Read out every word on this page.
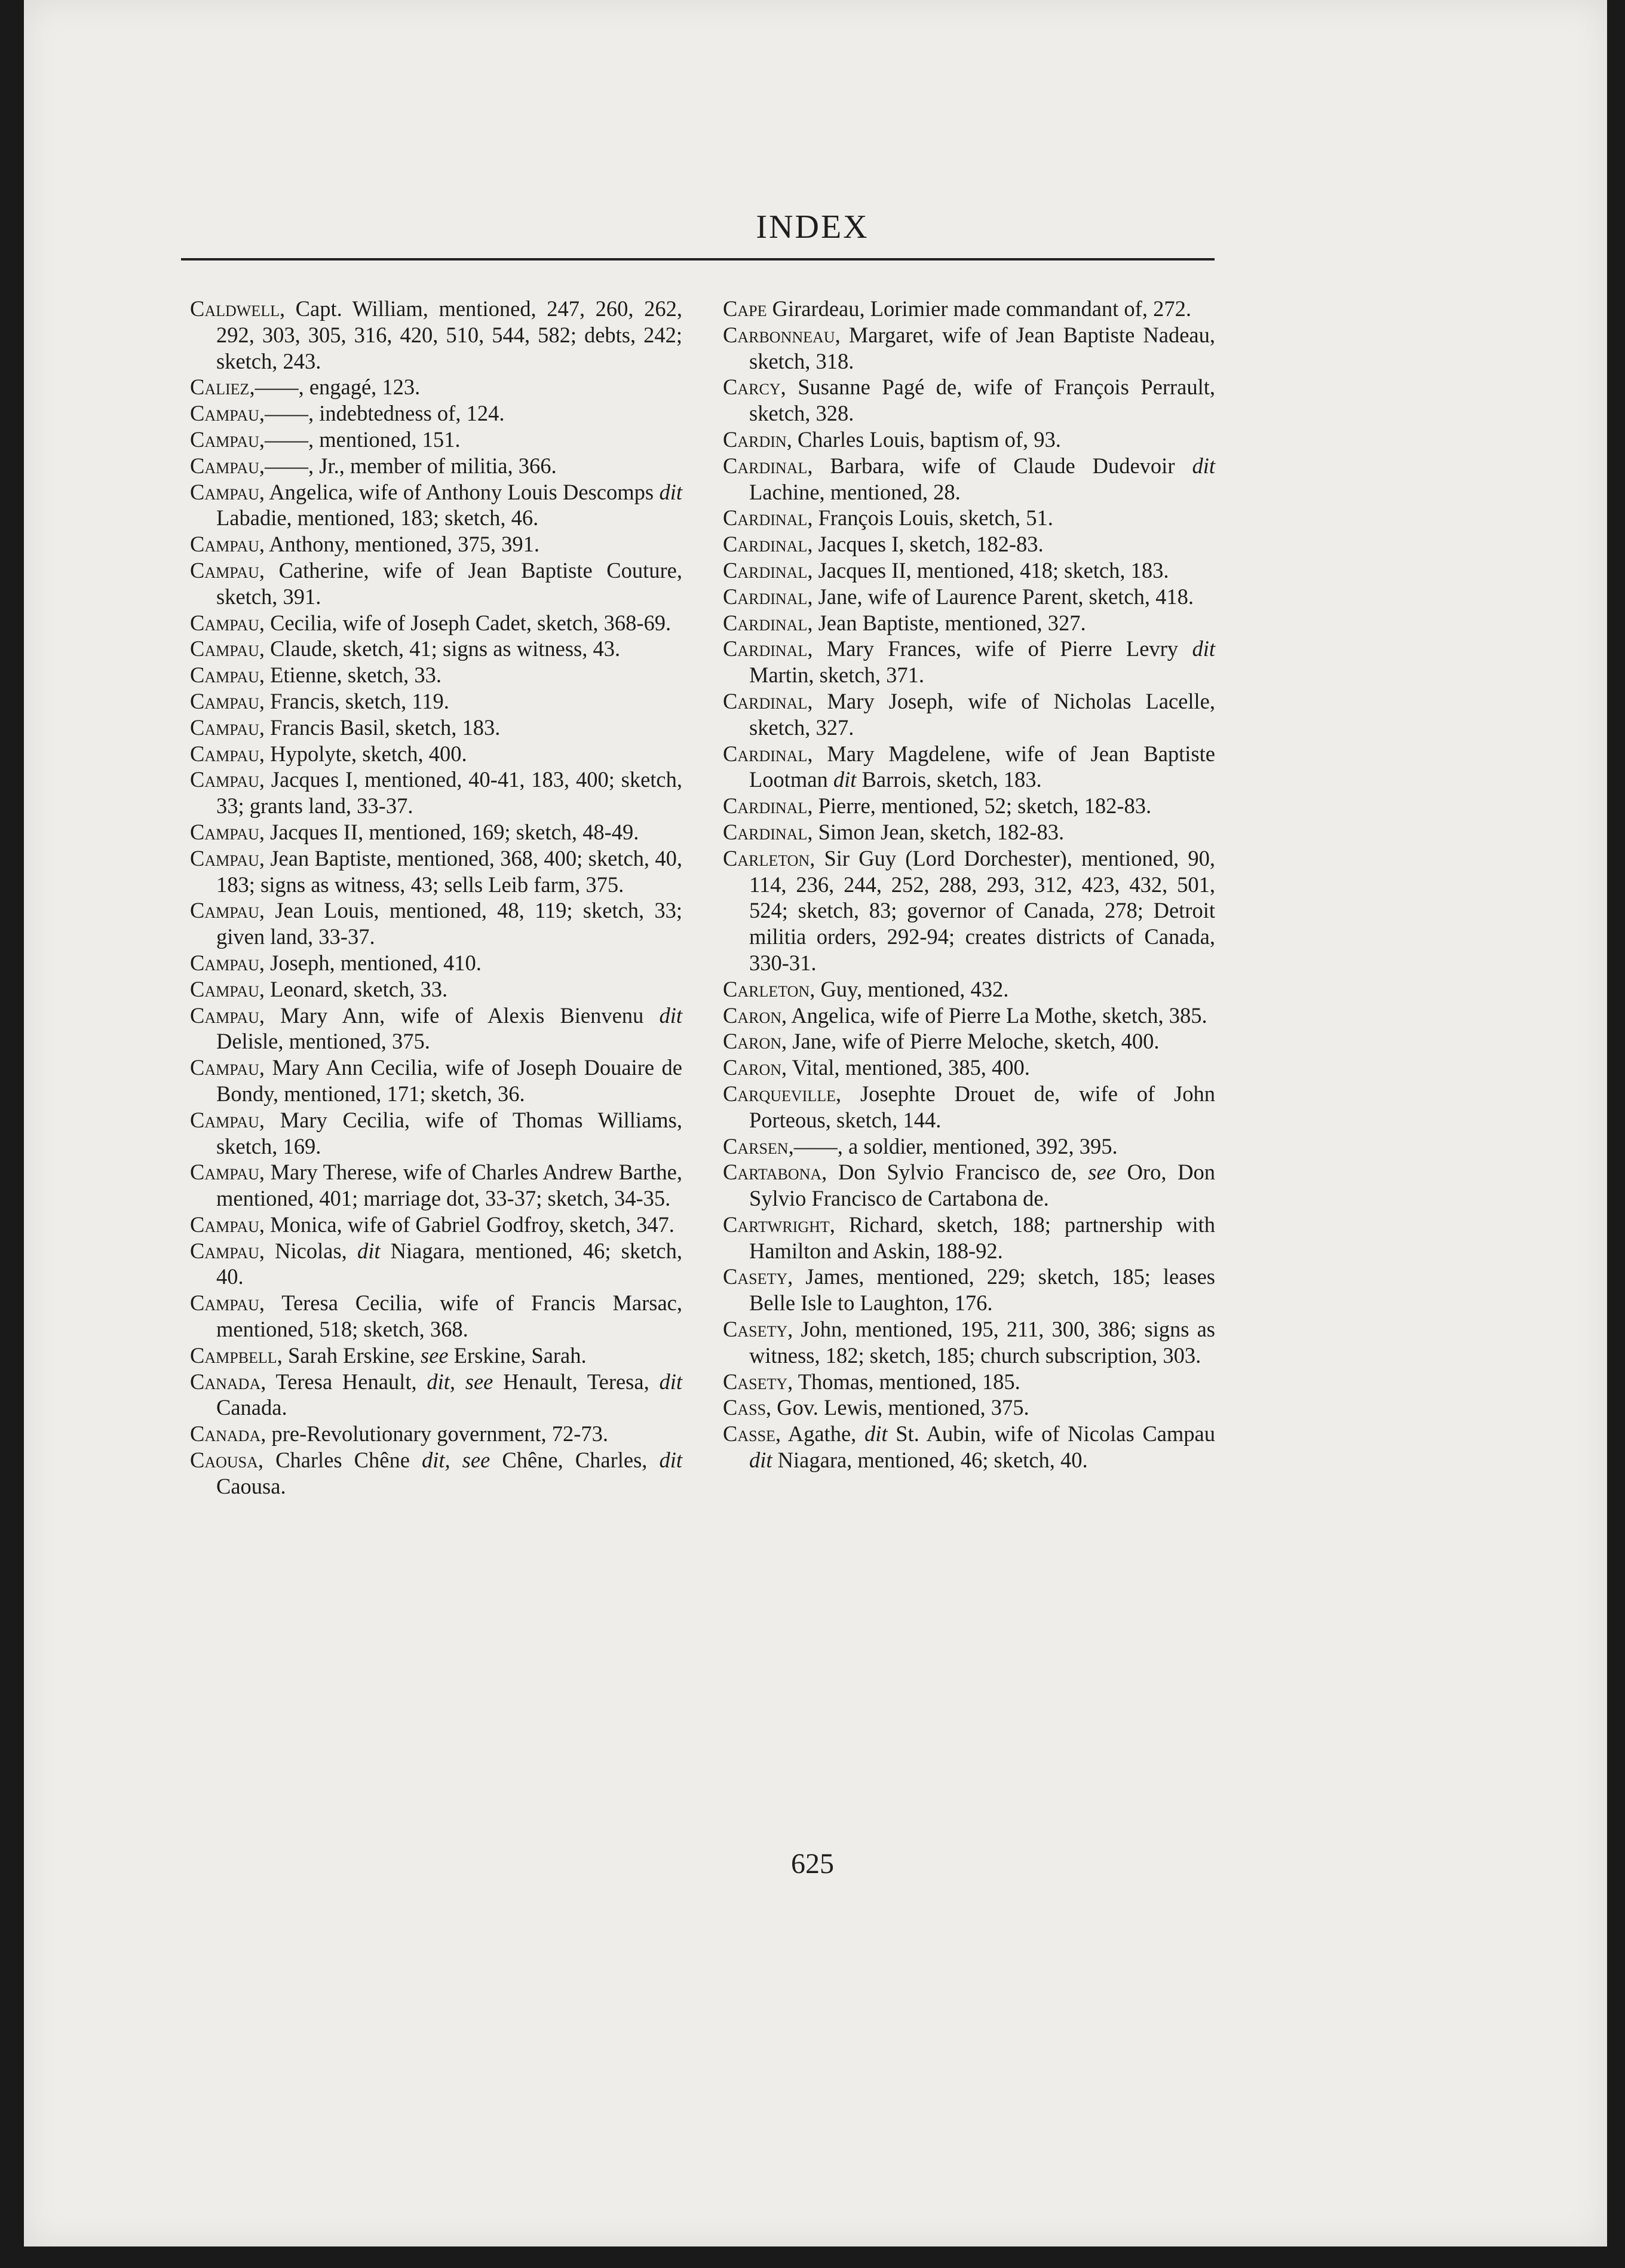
INDEX
Caldwell, Capt. William, mentioned, 247, 260, 262, 292, 303, 305, 316, 420, 510, 544, 582; debts, 242; sketch, 243.
Caliez,——, engagé, 123.
Campau,——, indebtedness of, 124.
Campau,——, mentioned, 151.
Campau,——, Jr., member of militia, 366.
Campau, Angelica, wife of Anthony Louis Descomps dit Labadie, mentioned, 183; sketch, 46.
Campau, Anthony, mentioned, 375, 391.
Campau, Catherine, wife of Jean Baptiste Couture, sketch, 391.
Campau, Cecilia, wife of Joseph Cadet, sketch, 368-69.
Campau, Claude, sketch, 41; signs as witness, 43.
Campau, Etienne, sketch, 33.
Campau, Francis, sketch, 119.
Campau, Francis Basil, sketch, 183.
Campau, Hypolyte, sketch, 400.
Campau, Jacques I, mentioned, 40-41, 183, 400; sketch, 33; grants land, 33-37.
Campau, Jacques II, mentioned, 169; sketch, 48-49.
Campau, Jean Baptiste, mentioned, 368, 400; sketch, 40, 183; signs as witness, 43; sells Leib farm, 375.
Campau, Jean Louis, mentioned, 48, 119; sketch, 33; given land, 33-37.
Campau, Joseph, mentioned, 410.
Campau, Leonard, sketch, 33.
Campau, Mary Ann, wife of Alexis Bienvenu dit Delisle, mentioned, 375.
Campau, Mary Ann Cecilia, wife of Joseph Douaire de Bondy, mentioned, 171; sketch, 36.
Campau, Mary Cecilia, wife of Thomas Williams, sketch, 169.
Campau, Mary Therese, wife of Charles Andrew Barthe, mentioned, 401; marriage dot, 33-37; sketch, 34-35.
Campau, Monica, wife of Gabriel Godfroy, sketch, 347.
Campau, Nicolas, dit Niagara, mentioned, 46; sketch, 40.
Campau, Teresa Cecilia, wife of Francis Marsac, mentioned, 518; sketch, 368.
Campbell, Sarah Erskine, see Erskine, Sarah.
Canada, Teresa Henault, dit, see Henault, Teresa, dit Canada.
Canada, pre-Revolutionary government, 72-73.
Caousa, Charles Chêne dit, see Chêne, Charles, dit Caousa.
Cape Girardeau, Lorimier made commandant of, 272.
Carbonneau, Margaret, wife of Jean Baptiste Nadeau, sketch, 318.
Carcy, Susanne Pagé de, wife of François Perrault, sketch, 328.
Cardin, Charles Louis, baptism of, 93.
Cardinal, Barbara, wife of Claude Dudevoir dit Lachine, mentioned, 28.
Cardinal, François Louis, sketch, 51.
Cardinal, Jacques I, sketch, 182-83.
Cardinal, Jacques II, mentioned, 418; sketch, 183.
Cardinal, Jane, wife of Laurence Parent, sketch, 418.
Cardinal, Jean Baptiste, mentioned, 327.
Cardinal, Mary Frances, wife of Pierre Levry dit Martin, sketch, 371.
Cardinal, Mary Joseph, wife of Nicholas Lacelle, sketch, 327.
Cardinal, Mary Magdelene, wife of Jean Baptiste Lootman dit Barrois, sketch, 183.
Cardinal, Pierre, mentioned, 52; sketch, 182-83.
Cardinal, Simon Jean, sketch, 182-83.
Carleton, Sir Guy (Lord Dorchester), mentioned, 90, 114, 236, 244, 252, 288, 293, 312, 423, 432, 501, 524; sketch, 83; governor of Canada, 278; Detroit militia orders, 292-94; creates districts of Canada, 330-31.
Carleton, Guy, mentioned, 432.
Caron, Angelica, wife of Pierre La Mothe, sketch, 385.
Caron, Jane, wife of Pierre Meloche, sketch, 400.
Caron, Vital, mentioned, 385, 400.
Carqueville, Josephte Drouet de, wife of John Porteous, sketch, 144.
Carsen,——, a soldier, mentioned, 392, 395.
Cartabona, Don Sylvio Francisco de, see Oro, Don Sylvio Francisco de Cartabona de.
Cartwright, Richard, sketch, 188; partnership with Hamilton and Askin, 188-92.
Casety, James, mentioned, 229; sketch, 185; leases Belle Isle to Laughton, 176.
Casety, John, mentioned, 195, 211, 300, 386; signs as witness, 182; sketch, 185; church subscription, 303.
Casety, Thomas, mentioned, 185.
Cass, Gov. Lewis, mentioned, 375.
Casse, Agathe, dit St. Aubin, wife of Nicolas Campau dit Niagara, mentioned, 46; sketch, 40.
625
